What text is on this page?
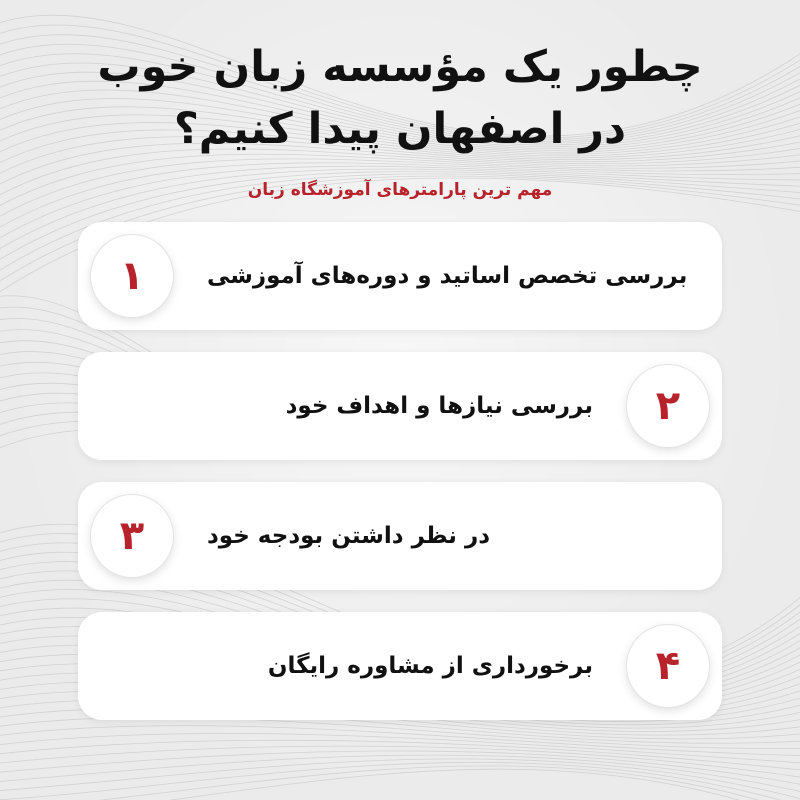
چطور یک مؤسسه زبان خوب
در اصفهان پیدا کنیم؟
مهم ترین پارامترهای آموزشگاه زبان
۱	بررسی تخصص اساتید و دوره‌های آموزشی
۲
بررسی نیازها و اهداف خود
۳	در نظر داشتن بودجه خود
۴
برخورداری از مشاوره رایگان
